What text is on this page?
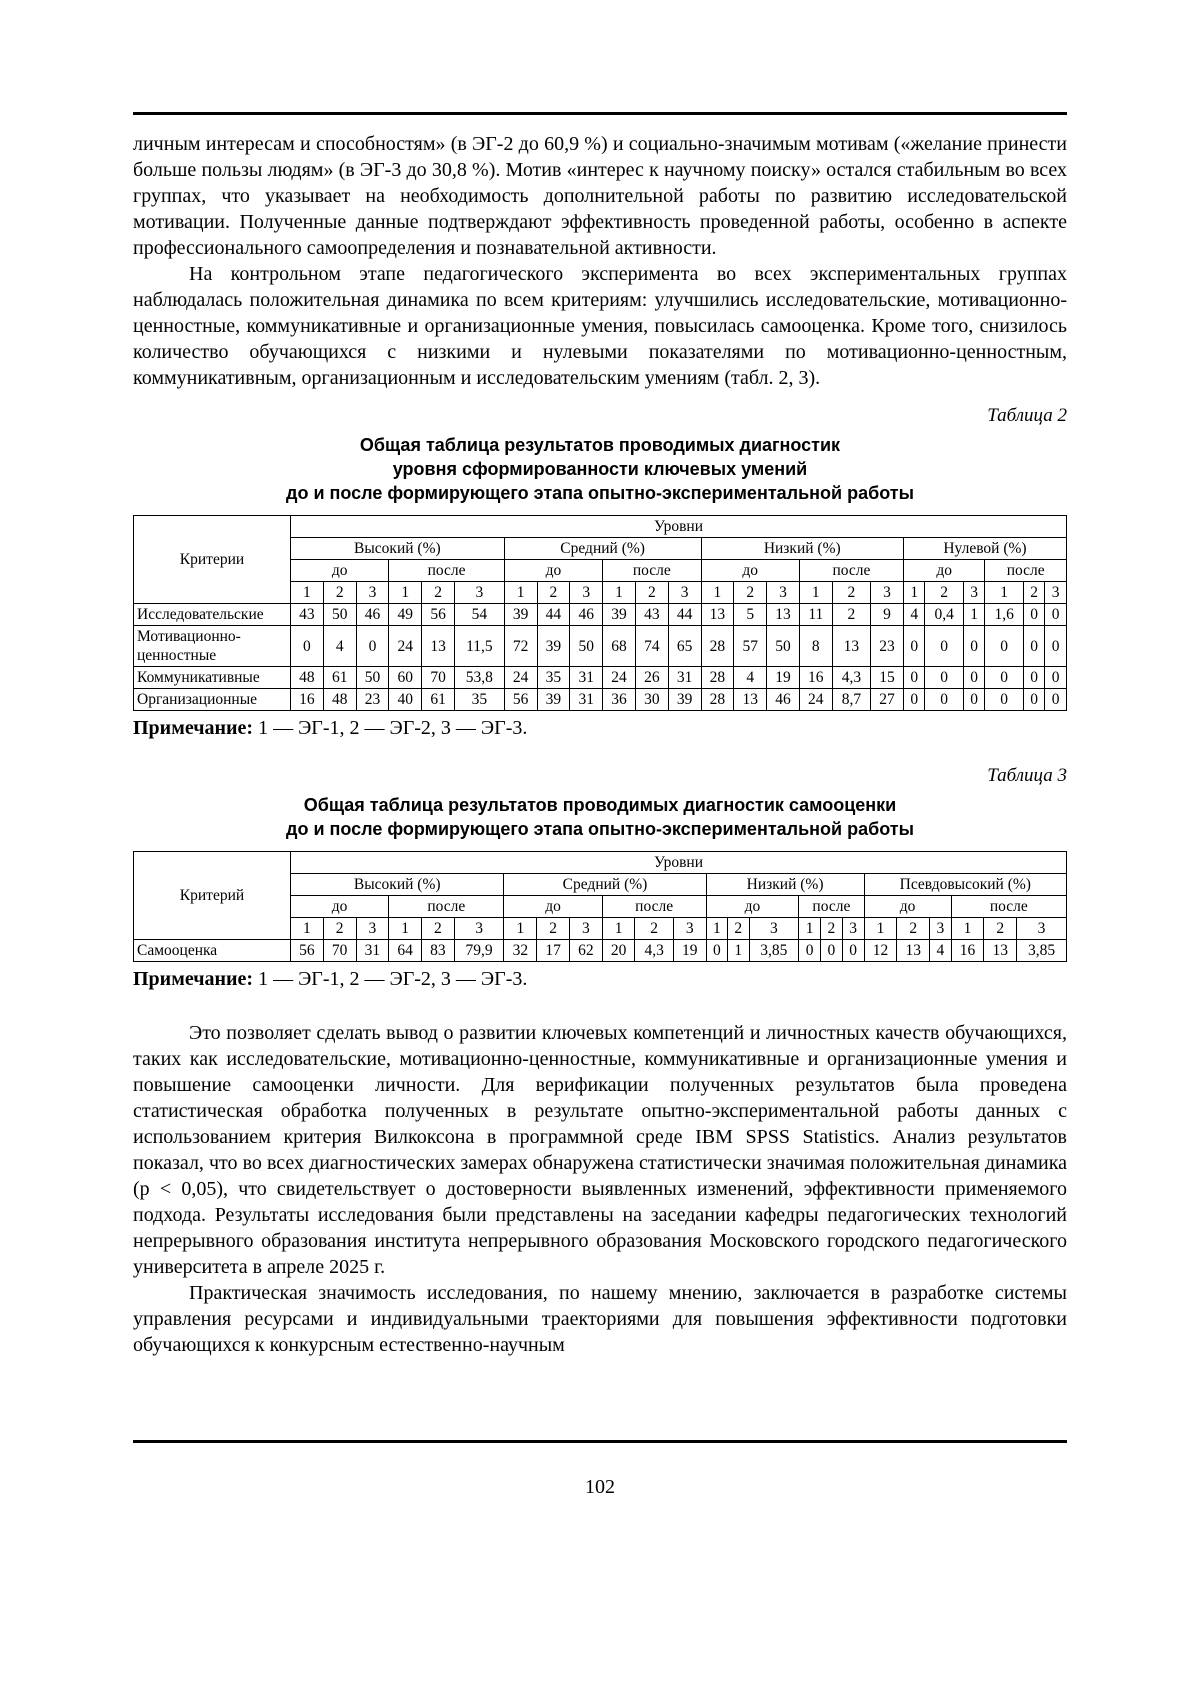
личным интересам и способностям» (в ЭГ-2 до 60,9 %) и социально-значимым мотивам («желание принести больше пользы людям» (в ЭГ-3 до 30,8 %). Мотив «интерес к научному поиску» остался стабильным во всех группах, что указывает на необходимость дополнительной работы по развитию исследовательской мотивации. Полученные данные подтверждают эффективность проведенной работы, особенно в аспекте профессионального самоопределения и познавательной активности.

На контрольном этапе педагогического эксперимента во всех экспериментальных группах наблюдалась положительная динамика по всем критериям: улучшились исследовательские, мотивационно-ценностные, коммуникативные и организационные умения, повысилась самооценка. Кроме того, снизилось количество обучающихся с низкими и нулевыми показателями по мотивационно-ценностным, коммуникативным, организационным и исследовательским умениям (табл. 2, 3).

Таблица 2
Общая таблица результатов проводимых диагностик
уровня сформированности ключевых умений
до и после формирующего этапа опытно-экспериментальной работы
Критерии	Уровни																							
	Высокий (%)						Средний (%)						Низкий (%)						Нулевой (%)					
	до			после			до			после			до			после			до			после		
	1	2	3	1	2	3	1	2	3	1	2	3	1	2	3	1	2	3	1	2	3	1	2	3
Исследовательские	43	50	46	49	56	54	39	44	46	39	43	44	13	5	13	11	2	9	4	0,4	1	1,6	0	0
Мотивационно-ценностные	0	4	0	24	13	11,5	72	39	50	68	74	65	28	57	50	8	13	23	0	0	0	0	0	0
Коммуникативные	48	61	50	60	70	53,8	24	35	31	24	26	31	28	4	19	16	4,3	15	0	0	0	0	0	0
Организационные	16	48	23	40	61	35	56	39	31	36	30	39	28	13	46	24	8,7	27	0	0	0	0	0	0

Примечание: 1 — ЭГ-1, 2 — ЭГ-2, 3 — ЭГ-3.

Таблица 3
Общая таблица результатов проводимых диагностик самооценки
до и после формирующего этапа опытно-экспериментальной работы
Критерий	Уровни																							
	Высокий (%)						Средний (%)						Низкий (%)						Псевдовысокий (%)					
	до			после			до			после			до			после			до			после		
	1	2	3	1	2	3	1	2	3	1	2	3	1	2	3	1	2	3	1	2	3	1	2	3
Самооценка	56	70	31	64	83	79,9	32	17	62	20	4,3	19	0	1	3,85	0	0	0	12	13	4	16	13	3,85

Примечание: 1 — ЭГ-1, 2 — ЭГ-2, 3 — ЭГ-3.

Это позволяет сделать вывод о развитии ключевых компетенций и личностных качеств обучающихся, таких как исследовательские, мотивационно-ценностные, коммуникативные и организационные умения и повышение самооценки личности. Для верификации полученных результатов была проведена статистическая обработка полученных в результате опытно-экспериментальной работы данных с использованием критерия Вилкоксона в программной среде IBM SPSS Statistics. Анализ результатов показал, что во всех диагностических замерах обнаружена статистически значимая положительная динамика (p < 0,05), что свидетельствует о достоверности выявленных изменений, эффективности применяемого подхода. Результаты исследования были представлены на заседании кафедры педагогических технологий непрерывного образования института непрерывного образования Московского городского педагогического университета в апреле 2025 г.

Практическая значимость исследования, по нашему мнению, заключается в разработке системы управления ресурсами и индивидуальными траекториями для повышения эффективности подготовки обучающихся к конкурсным естественно-научным

102
